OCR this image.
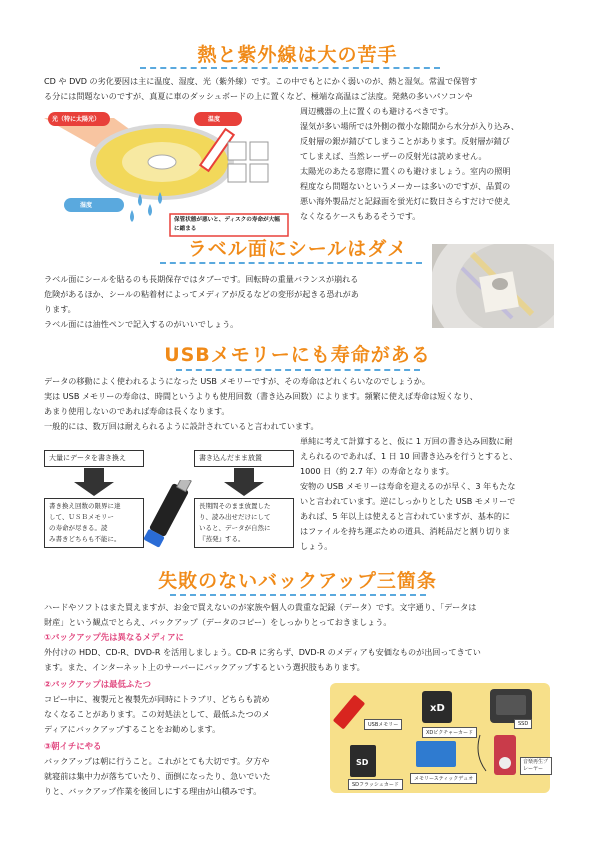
熱と紫外線は大の苦手
CD や DVD の劣化要因は主に温度、湿度、光（紫外線）です。この中でもとにかく弱いのが、熱と湿気。常温で保管す
る分には問題ないのですが、真夏に車のダッシュボードの上に置くなど、極端な高温はご法度。発熱の多いパソコンや
周辺機器の上に置くのも避けるべきです。
湿気が多い場所では外側の微小な隙間から水分が入り込み、
反射層の銀が錆びてしまうことがあります。反射層が錆び
てしまえば、当然レーザーの反射光は読めません。
太陽光のあたる窓際に置くのも避けましょう。室内の照明
程度なら問題ないというメーカーは多いのですが、品質の
悪い海外製品だと記録面を蛍光灯に数日さらすだけで使え
なくなるケースもあるそうです。
光（特に太陽光）	温度
湿度
保管状態が悪いと、ディスクの寿命が大幅に縮まる
ラベル面にシールはダメ
ラベル面にシールを貼るのも長期保存ではタブーです。回転時の重量バランスが崩れる
危険があるほか、シールの粘着材によってメディアが反るなどの変形が起きる恐れがあ
ります。
ラベル面には油性ペンで記入するのがいいでしょう。
USBメモリーにも寿命がある
データの移動によく使われるようになった USB メモリーですが、その寿命はどれくらいなのでしょうか。
実は USB メモリーの寿命は、時間というよりも使用回数（書き込み回数）によります。頻繁に使えば寿命は短くなり、
あまり使用しないのであれば寿命は長くなります。
一般的には、数万回は耐えられるように設計されていると言われています。
単純に考えて計算すると、仮に 1 万回の書き込み回数に耐
えられるのであれば、1 日 10 回書き込みを行うとすると、
1000 日（約 2.7 年）の寿命となります。
安物の USB メモリーは寿命を迎えるのが早く、3 年もたな
いと言われています。逆にしっかりとした USB モメリーで
あれば、5 年以上は使えると言われていますが、基本的に
はファイルを持ち運ぶための道具、消耗品だと割り切りま
しょう。
大量にデータを書き換え	書き込んだまま放置
書き換え回数の限界に達
して、ＵＳＢメモリー
の寿命が尽きる。読
み書きどちらも不能に。
長期間そのまま放置した
り、読み出せだけにして
いると、データが自然に
『蒸発』する。
失敗のないバックアップ三箇条
ハードやソフトはまた買えますが、お金で買えないのが家族や個人の貴重な記録（データ）です。文字通り、「データは
財産」という観点でとらえ、バックアップ（データのコピー）をしっかりとっておきましょう。
①バックアップ先は異なるメディアに
外付けの HDD、CD-R、DVD-R を活用しましょう。CD-R に劣らず、DVD-R のメディアも安価なものが出回ってきてい
ます。また、インターネット上のサーバーにバックアップするという選択肢もあります。
②バックアップは最低ふたつ
コピー中に、複製元と複製先が同時にトラブリ、どちらも読め
なくなることがあります。この対処法として、最低ふたつのメ
ディアにバックアップすることをお勧めします。
③朝イチにやる
バックアップは朝に行うこと。これがとても大切です。夕方や
就寝前は集中力が落ちていたり、面倒になったり、急いでいた
りと、バックアップ作業を後回しにする理由が山積みです。
xD
SD
USBメモリー
XDピクチャーカード
SSD
SDフラッシュカード
メモリースティックデュオ
音楽再生プレーヤー
